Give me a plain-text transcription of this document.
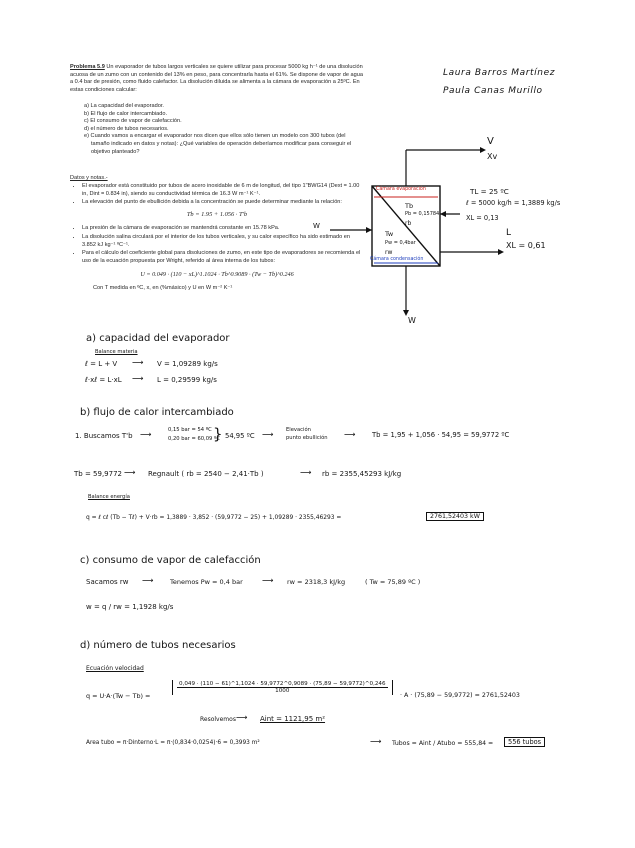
Problema 5.9 Un evaporador de tubos largos verticales se quiere utilizar para procesar 5000 kg h⁻¹ de una disolución acuosa de un zumo con un contenido del 13% en peso, para concentrarla hasta el 61%. Se dispone de vapor de agua a 0.4 bar de presión, como fluido calefactor. La disolución diluida se alimenta a la cámara de evaporación a 25ºC. En estas condiciones calcular:
a) La capacidad del evaporador.
b) El flujo de calor intercambiado.
c) El consumo de vapor de calefacción.
d) el número de tubos necesarios.
e) Cuando vamos a encargar el evaporador nos dicen que ellos sólo tienen un modelo con 300 tubos (del tamaño indicado en datos y notas): ¿Qué variables de operación deberíamos modificar para conseguir el objetivo planteado?
Datos y notas.-
• El evaporador está constituido por tubos de acero inoxidable de 6 m de longitud, del tipo 1"BWG14 (Dext = 1.00 in, Dint = 0.834 in), siendo su conductividad térmica de 16.3 W m⁻¹ K⁻¹.
• La elevación del punto de ebullición debida a la concentración se puede determinar mediante la relación:
Tb = 1.95 + 1.056 · T'b
• La presión de la cámara de evaporación se mantendrá constante en 15.78 kPa.
• La disolución salina circulará por el interior de los tubos verticales, y su calor específico ha sido estimado en 3.852 kJ kg⁻¹ ºC⁻¹.
• Para el cálculo del coeficiente global para disoluciones de zumo, en este tipo de evaporadores se recomienda el uso de la ecuación propuesta por Wright, referido al área interna de los tubos:
U = 0.049 · (110 − xL)^1.1024 · Tb^0.9089 · (Tw − Tb)^0.246
Con T medida en ºC, x, en (%másico) y U en W m⁻² K⁻¹
Laura Barros Martínez
Paula Canas Murillo
V
Xv
Cámara evaporación
Tb
Pb = 0,15784
rb
Tw
Pw = 0,4bar
rw
Cámara condensación
W
W
L
XL = 0,61
TL = 25 ºC
ℓ = 5000 kg/h = 1,3889 kg/s
XL = 0,13
a) capacidad del evaporador
Balance materia
ℓ = L + V ⟶ V = 1,09289 kg/s
ℓ·xℓ = L·xL ⟶ L = 0,29599 kg/s
b) flujo de calor intercambiado
1. Buscamos T'b ⟶	0,15 bar = 54 ºC
0,20 bar = 60,09 ºC
} 54,95 ºC ⟶ Elevación
punto ebullición ⟶ Tb = 1,95 + 1,056 · 54,95 = 59,9772 ºC
Tb = 59,9772 ⟶ Regnault ( rb = 2540 − 2,41·Tb )	⟶ rb = 2355,45293 kJ/kg
Balance energía
q = ℓ cℓ (Tb − Tℓ) + V·rb = 1,3889 · 3,852 · (59,9772 − 25) + 1,09289 · 2355,46293 =	2761,52403 kW
c) consumo de vapor de calefacción
Sacamos rw ⟶	Tenemos Pw = 0,4 bar ⟶ rw = 2318,3 kJ/kg	( Tw = 75,89 ºC )
w = q / rw = 1,1928 kg/s
d) número de tubos necesarios
Ecuación velocidad
q = U·A·(Tw − Tb) =
0,049 · (110 − 61)^1,1024 · 59,9772^0,9089 · (75,89 − 59,9772)^0,246
1000
· A · (75,89 − 59,9772) = 2761,52403
Resolvemos ⟶ Aint = 1121,95 m²
Area tubo = π·Dinterno·L = π·(0,834·0,0254)·6 = 0,3993 m²	⟶ Tubos = Aint / Atubo = 555,84 ≃	556 tubos
